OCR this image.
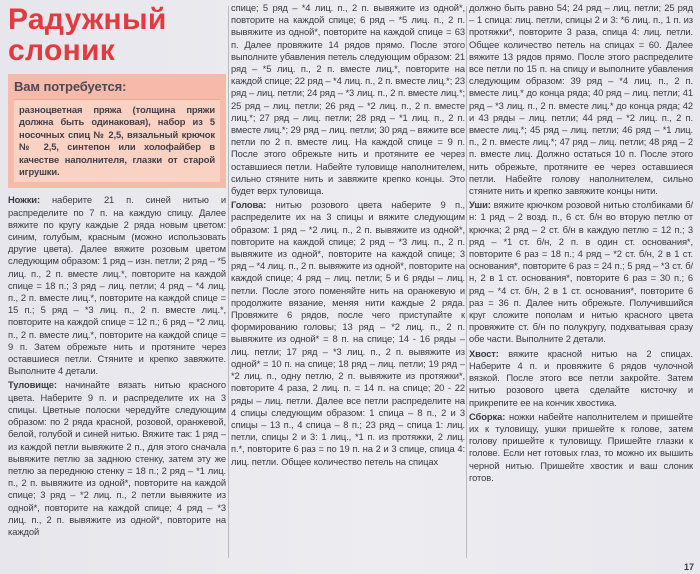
Радужный слоник
Вам потребуется:
разноцветная пряжа (толщина пряжи должна быть одинаковая), набор из 5 носочных спиц № 2,5, вязальный крючок № 2,5, синтепон или холофайбер в качестве наполнителя, глазки от старой игрушки.

Ножки: наберите 21 п. синей нитью и распределите по 7 п. на каждую спицу. Далее вяжите по кругу каждые 2 ряда новым цветом: синим, голубым, красным (можно использовать другие цвета). Далее вяжите розовым цветом следующим образом: 1 ряд – изн. петли; 2 ряд – *5 лиц. п., 2 п. вместе лиц.*, повторите на каждой спице = 18 п.; 3 ряд – лиц. петли; 4 ряд – *4 лиц. п., 2 п. вместе лиц.*, повторите на каждой спице = 15 п.; 5 ряд – *3 лиц. п., 2 п. вместе лиц.*, повторите на каждой спице = 12 п.; 6 ряд – *2 лиц. п., 2 п. вместе лиц.*, повторите на каждой спице = 9 п. Затем обрежьте нить и протяните через оставшиеся петли. Стяните и крепко завяжите. Выполните 4 детали.

Туловище: начинайте вязать нитью красного цвета. Наберите 9 п. и распределите их на 3 спицы. Цветные полоски чередуйте следующим образом: по 2 ряда красной, розовой, оранжевой, белой, голубой и синей нитью. Вяжите так: 1 ряд – из каждой петли вывяжите 2 п., для этого сначала вывяжите петлю за заднюю стенку, затем эту же петлю за переднюю стенку = 18 п.; 2 ряд – *1 лиц. п., 2 п. вывяжите из одной*, повторите на каждой спице; 3 ряд – *2 лиц. п., 2 петли вывяжите из одной*, повторите на каждой спице; 4 ряд – *3 лиц. п., 2 п. вывяжите из одной*, повторите на каждой

спице; 5 ряд – *4 лиц. п., 2 п. вывяжите из одной*, повторите на каждой спице; 6 ряд – *5 лиц. п., 2 п. вывяжите из одной*, повторите на каждой спице = 63 п. Далее провяжите 14 рядов прямо. После этого выполните убавления петель следующим образом: 21 ряд – *5 лиц. п., 2 п. вместе лиц.*, повторите на каждой спице; 22 ряд – *4 лиц. п., 2 п. вместе лиц.*; 23 ряд – лиц. петли; 24 ряд – *3 лиц. п., 2 п. вместе лиц.*; 25 ряд – лиц. петли; 26 ряд – *2 лиц. п., 2 п. вместе лиц.*; 27 ряд – лиц. петли; 28 ряд – *1 лиц. п., 2 п. вместе лиц.*; 29 ряд – лиц. петли; 30 ряд – вяжите все петли по 2 п. вместе лиц. На каждой спице = 9 п. После этого обрежьте нить и протяните ее через оставшиеся петли. Набейте туловище наполнителем, сильно стяните нить и завяжите крепко концы. Это будет верх туловища.

Голова: нитью розового цвета наберите 9 п., распределите их на 3 спицы и вяжите следующим образом: 1 ряд – *2 лиц. п., 2 п. вывяжите из одной*, повторите на каждой спице; 2 ряд – *3 лиц. п., 2 п. вывяжите из одной*, повторите на каждой спице; 3 ряд – *4 лиц. п., 2 п. вывяжите из одной*, повторите на каждой спице; 4 ряд – лиц. петли; 5 и 6 ряды – лиц. петли. После этого поменяйте нить на оранжевую и продолжите вязание, меняя нити каждые 2 ряда. Провяжите 6 рядов, после чего приступайте к формированию головы; 13 ряд – *2 лиц. п., 2 п. вывяжите из одной* = 8 п. на спице; 14 - 16 ряды – лиц. петли; 17 ряд – *3 лиц. п., 2 п. вывяжите из одной* = 10 п. на спице; 18 ряд – лиц. петли; 19 ряд – *2 лиц. п., одну петлю, 2 п. вывяжите из протяжки*, повторите 4 раза, 2 лиц. п. = 14 п. на спице; 20 - 22 ряды – лиц. петли. Далее все петли распределите на 4 спицы следующим образом: 1 спица – 8 п., 2 и 3 спицы – 13 п., 4 спица – 8 п.; 23 ряд – спица 1: лиц. петли, спицы 2 и 3: 1 лиц., *1 п. из протяжки, 2 лиц. п.*, повторите 6 раз = по 19 п. на 2 и 3 спице, спица 4: лиц. петли. Общее количество петель на спицах

должно быть равно 54; 24 ряд – лиц. петли; 25 ряд – 1 спица: лиц. петли, спицы 2 и 3: *6 лиц. п., 1 п. из протяжки*, повторите 3 раза, спица 4: лиц. петли. Общее количество петель на спицах = 60. Далее вяжите 13 рядов прямо. После этого распределите все петли по 15 п. на спицу и выполните убавления следующим образом: 39 ряд – *4 лиц. п., 2 п. вместе лиц.* до конца ряда; 40 ряд – лиц. петли; 41 ряд – *3 лиц. п., 2 п. вместе лиц.* до конца ряда; 42 и 43 ряды – лиц. петли; 44 ряд – *2 лиц. п., 2 п. вместе лиц.*; 45 ряд – лиц. петли; 46 ряд – *1 лиц. п., 2 п. вместе лиц.*; 47 ряд – лиц. петли; 48 ряд – 2 п. вместе лиц. Должно остаться 10 п. После этого нить обрежьте, протяните ее через оставшиеся петли. Набейте голову наполнителем, сильно стяните нить и крепко завяжите концы нити.

Уши: вяжите крючком розовой нитью столбиками б/н: 1 ряд – 2 возд. п., 6 ст. б/н во вторую петлю от крючка; 2 ряд – 2 ст. б/н в каждую петлю = 12 п.; 3 ряд – *1 ст. б/н, 2 п. в один ст. основания*, повторите 6 раз = 18 п.; 4 ряд – *2 ст. б/н, 2 в 1 ст. основания*, повторите 6 раз = 24 п.; 5 ряд – *3 ст. б/н, 2 в 1 ст. основания*, повторите 6 раз = 30 п.; 6 ряд – *4 ст. б/н, 2 в 1 ст. основания*, повторите 6 раз = 36 п. Далее нить обрежьте. Получившийся круг сложите пополам и нитью красного цвета провяжите ст. б/н по полукругу, подхватывая сразу обе части. Выполните 2 детали.

Хвост: вяжите красной нитью на 2 спицах. Наберите 4 п. и провяжите 6 рядов чулочной вязкой. После этого все петли закройте. Затем нитью розового цвета сделайте кисточку и прикрепите ее на кончик хвостика.

Сборка: ножки набейте наполнителем и пришейте их к туловищу, ушки пришейте к голове, затем голову пришейте к туловищу. Пришейте глазки к голове. Если нет готовых глаз, то можно их вышить черной нитью. Пришейте хвостик и ваш слоник готов.

17
